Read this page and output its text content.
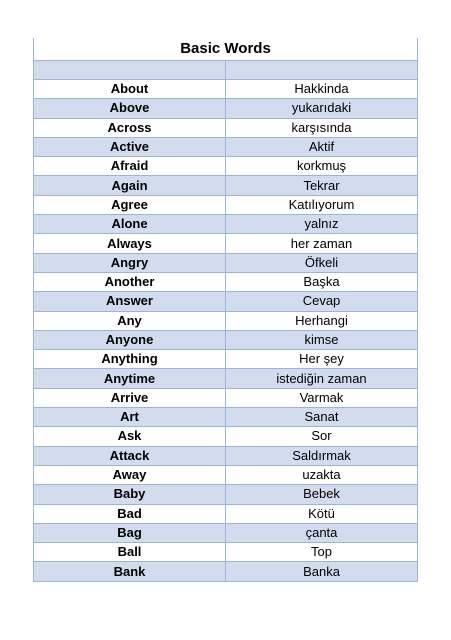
Basic Words	

About	Hakkinda
Above	yukarıdaki
Across	karşısında
Active	Aktif
Afraid	korkmuş
Again	Tekrar
Agree	Katılıyorum
Alone	yalnız
Always	her zaman
Angry	Öfkeli
Another	Başka
Answer	Cevap
Any	Herhangi
Anyone	kimse
Anything	Her şey
Anytime	istediğin zaman
Arrive	Varmak
Art	Sanat
Ask	Sor
Attack	Saldırmak
Away	uzakta
Baby	Bebek
Bad	Kötü
Bag	çanta
Ball	Top
Bank	Banka
